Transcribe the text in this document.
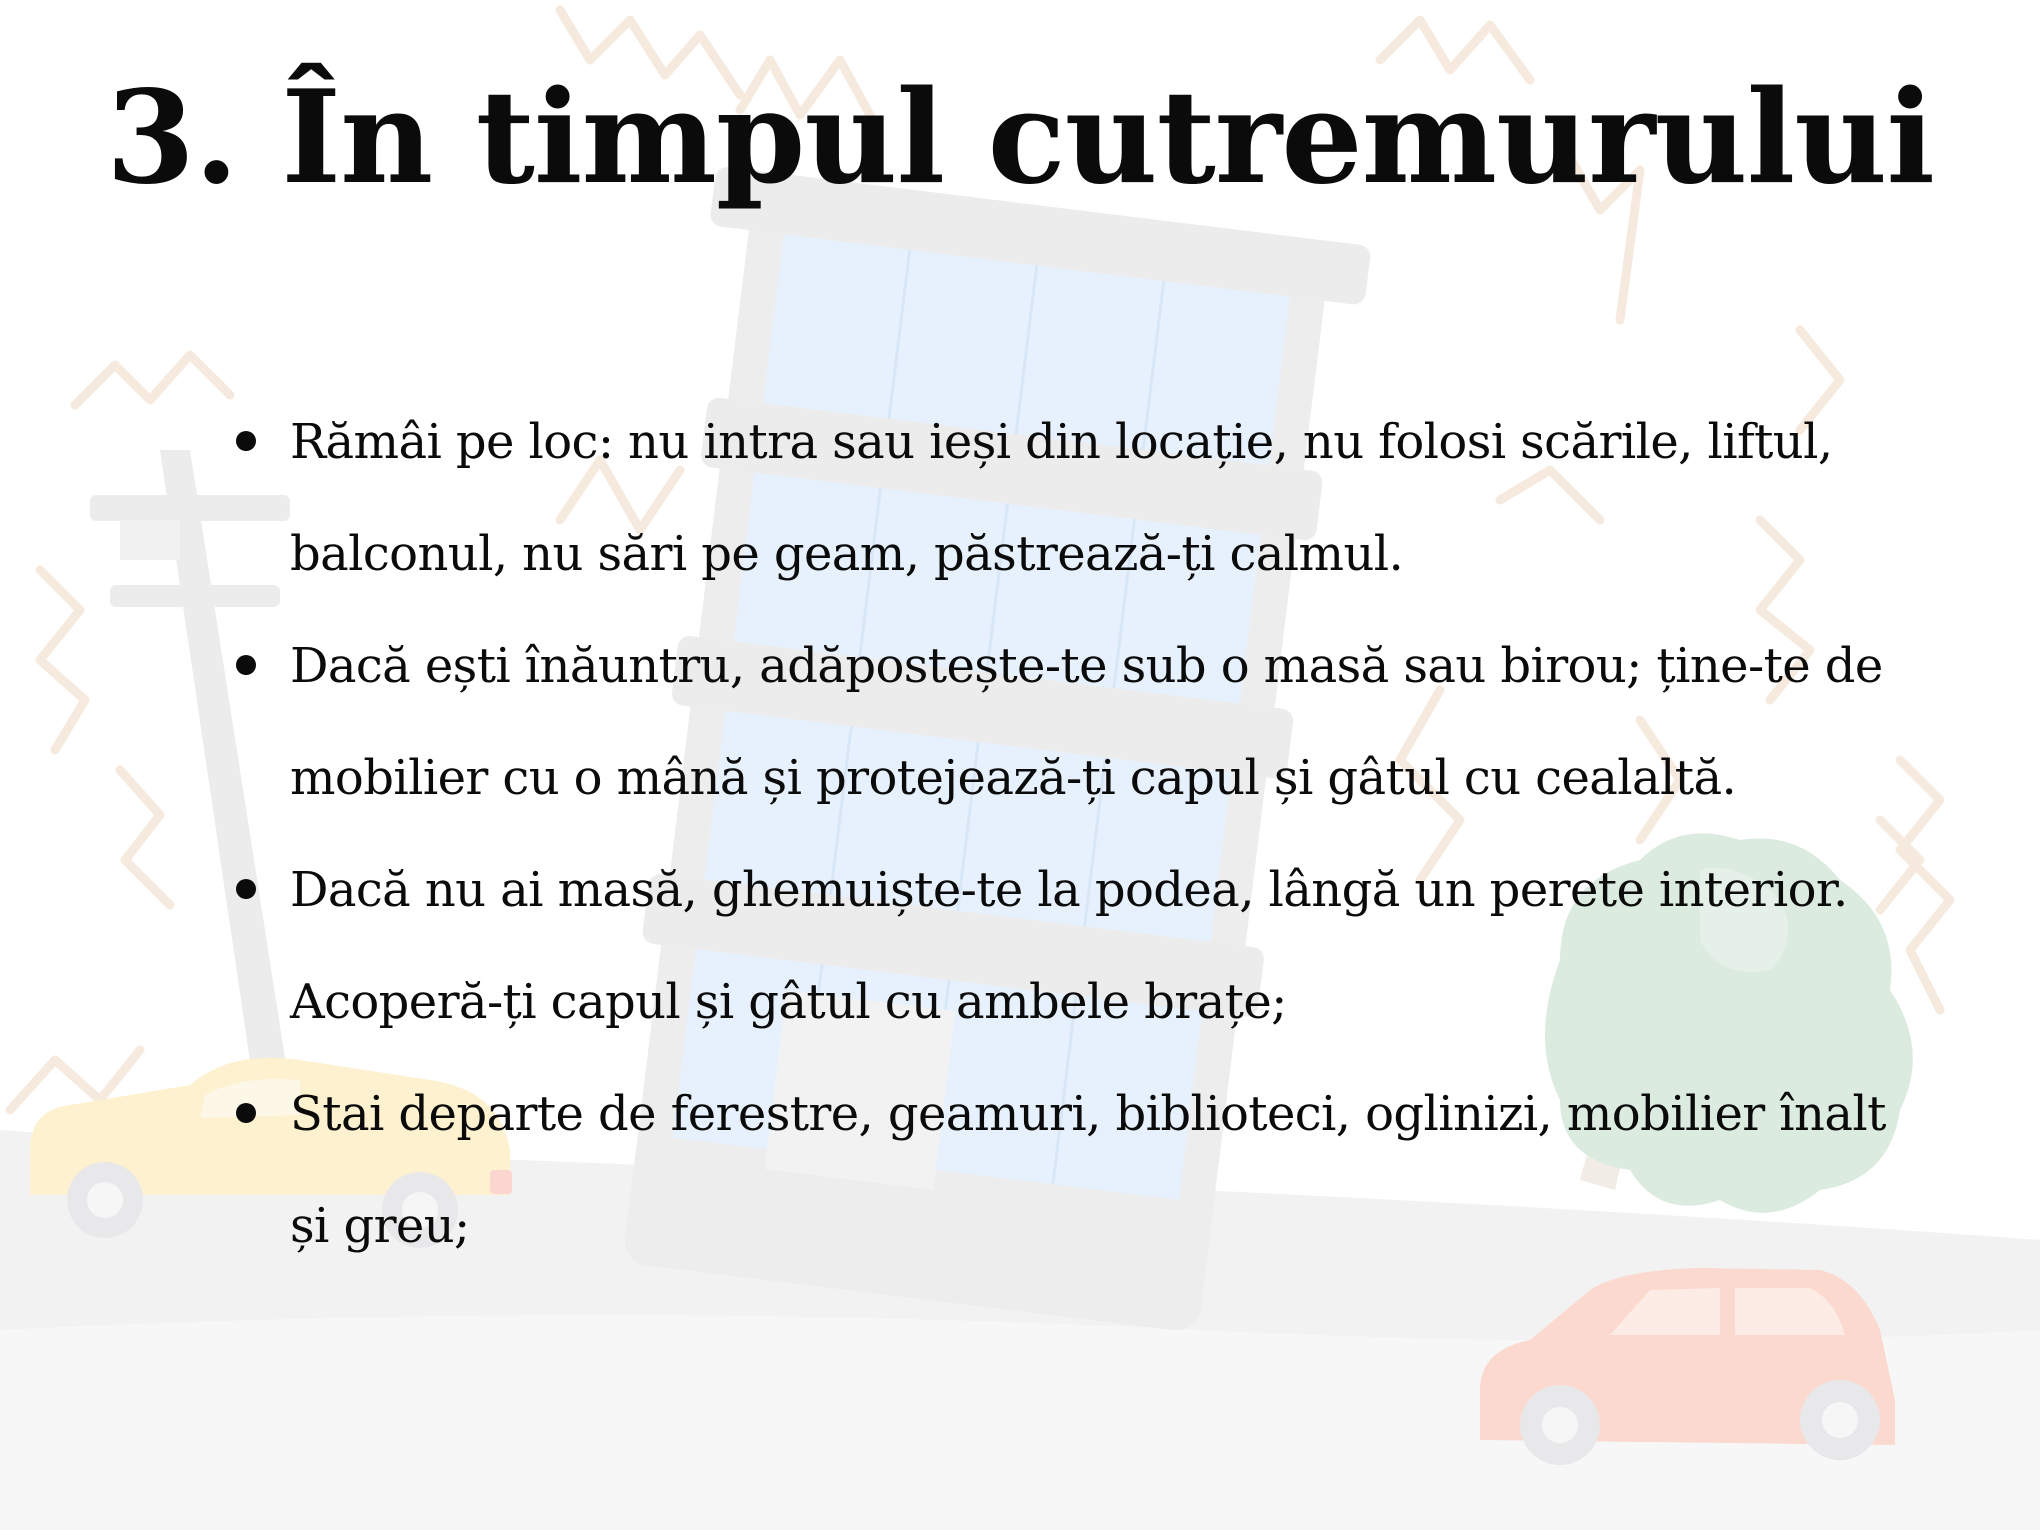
3. În timpul cutremurului
Rămâi pe loc: nu intra sau ieși din locație, nu folosi scările, liftul, balconul, nu sări pe geam, păstrează-ți calmul.
Dacă ești înăuntru, adăpostește-te sub o masă sau birou; ține-te de mobilier cu o mână și protejează-ți capul și gâtul cu cealaltă.
Dacă nu ai masă, ghemuiște-te la podea, lângă un perete interior. Acoperă-ți capul și gâtul cu ambele brațe;
Stai departe de ferestre, geamuri, biblioteci, oglinizi, mobilier înalt și greu;
